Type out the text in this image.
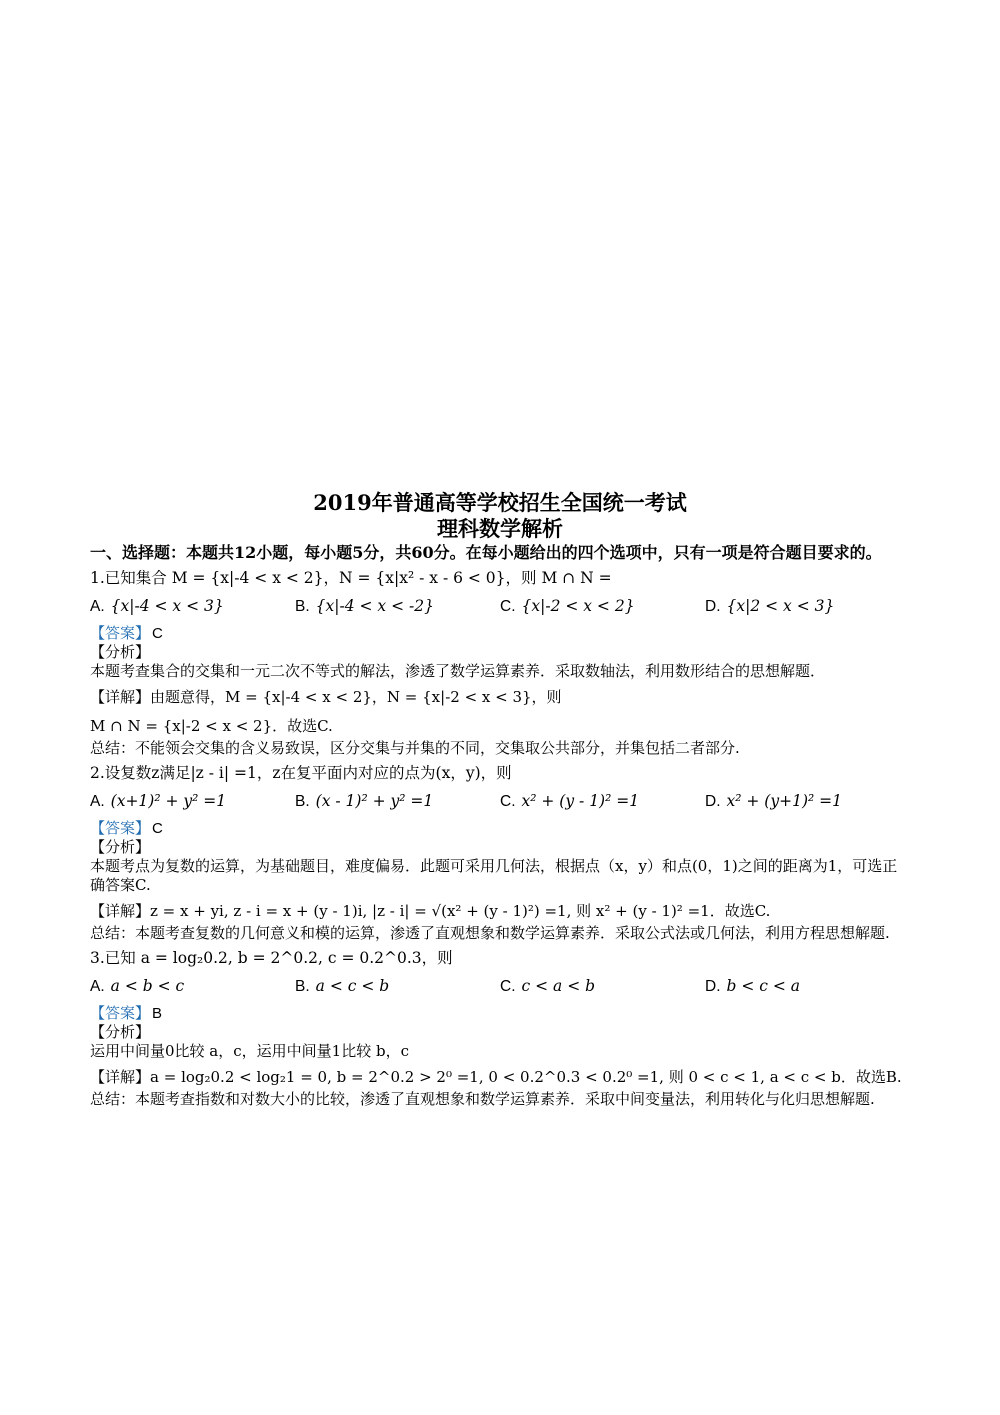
2019年普通高等学校招生全国统一考试

理科数学解析

一、选择题：本题共12小题，每小题5分，共60分。在每小题给出的四个选项中，只有一项是符合题目要求的。

1.已知集合 M = {x|-4 < x < 2}，N = {x|x² - x - 6 < 0}，则 M ∩ N =
A. {x|-4 < x < 3}	B. {x|-4 < x < -2}	C. {x|-2 < x < 2}	D. {x|2 < x < 3}
【答案】 C

【分析】

本题考查集合的交集和一元二次不等式的解法，渗透了数学运算素养．采取数轴法，利用数形结合的思想解题．

【详解】由题意得，M = {x|-4 < x < 2}，N = {x|-2 < x < 3}，则
M ∩ N = {x|-2 < x < 2}．故选C.

总结：不能领会交集的含义易致误，区分交集与并集的不同，交集取公共部分，并集包括二者部分.

2.设复数z满足|z - i| =1，z在复平面内对应的点为(x，y)，则
A. (x+1)² + y² =1	B. (x - 1)² + y² =1	C. x² + (y - 1)² =1	D. x² + (y+1)² =1
【答案】 C

【分析】

本题考点为复数的运算，为基础题目，难度偏易．此题可采用几何法，根据点（x，y）和点(0，1)之间的距离为1，可选正确答案C.

【详解】z = x + yi, z - i = x + (y - 1)i, |z - i| = √(x² + (y - 1)²) =1, 则 x² + (y - 1)² =1．故选C.

总结：本题考查复数的几何意义和模的运算，渗透了直观想象和数学运算素养．采取公式法或几何法，利用方程思想解题.

3.已知 a = log₂0.2, b = 2^0.2, c = 0.2^0.3，则
A. a < b < c	B. a < c < b	C. c < a < b	D. b < c < a
【答案】 B

【分析】

运用中间量0比较 a，c，运用中间量1比较 b，c

【详解】a = log₂0.2 < log₂1 = 0, b = 2^0.2 > 2⁰ =1, 0 < 0.2^0.3 < 0.2⁰ =1, 则 0 < c < 1, a < c < b．故选B.

总结：本题考查指数和对数大小的比较，渗透了直观想象和数学运算素养．采取中间变量法，利用转化与化归思想解题.
